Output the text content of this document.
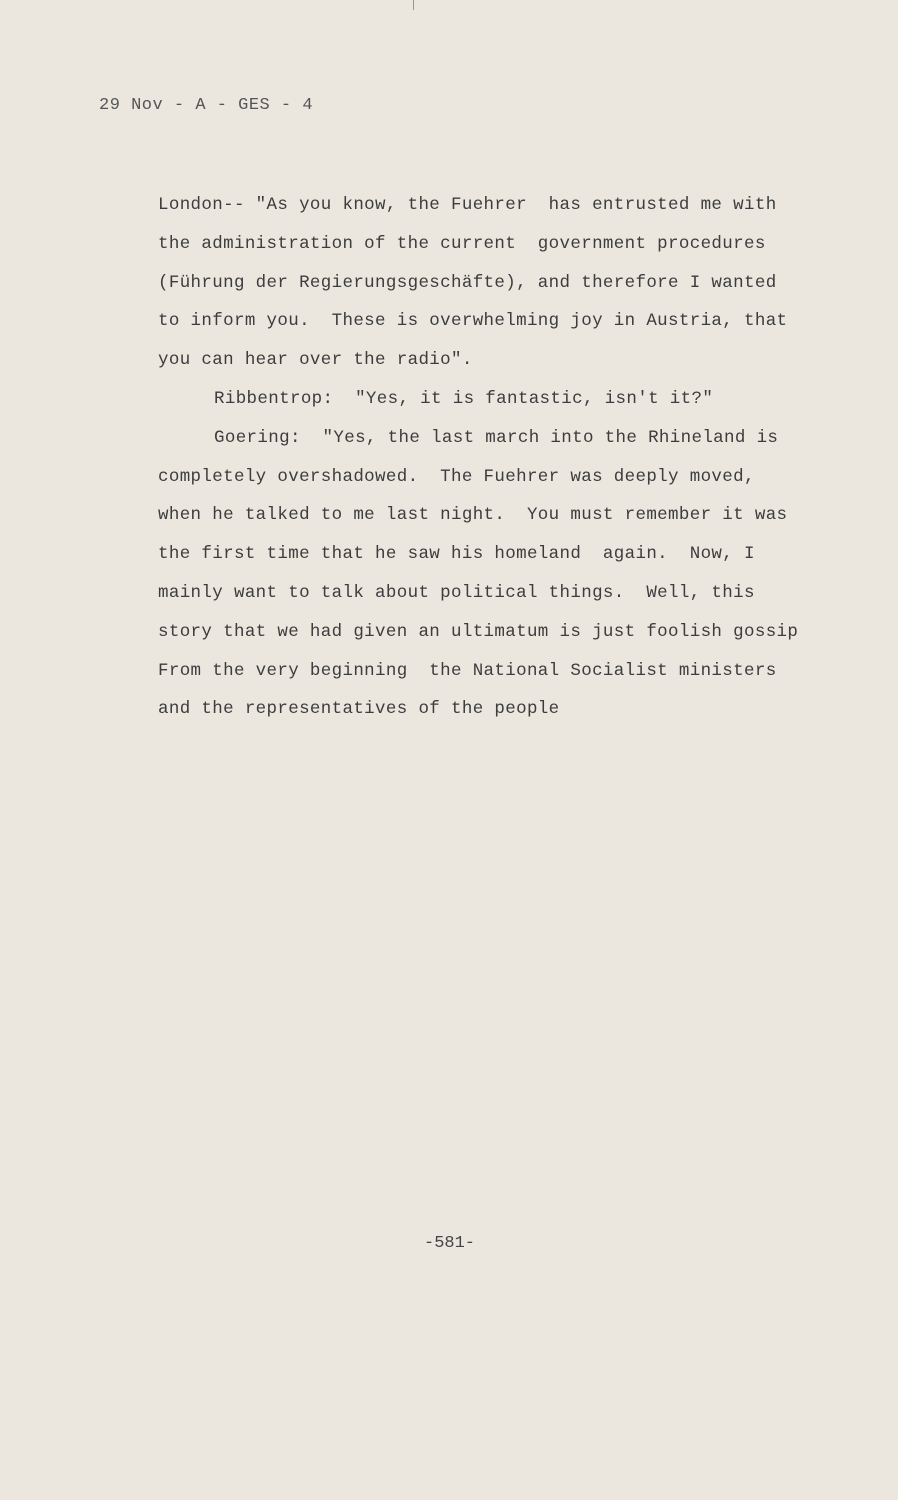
29 Nov - A - GES - 4
London-- "As you know, the Fuehrer  has entrusted me with
the administration of the current  government procedures
(Führung der Regierungsgeschäfte), and therefore I wanted
to inform you.  These is overwhelming joy in Austria, that
you can hear over the radio".
Ribbentrop:  "Yes, it is fantastic, isn't it?"
Goering:  "Yes, the last march into the Rhineland is
completely overshadowed.  The Fuehrer was deeply moved,
when he talked to me last night.  You must remember it was
the first time that he saw his homeland  again.  Now, I
mainly want to talk about political things.  Well, this
story that we had given an ultimatum is just foolish gossip
From the very beginning  the National Socialist ministers
and the representatives of the people
-581-
